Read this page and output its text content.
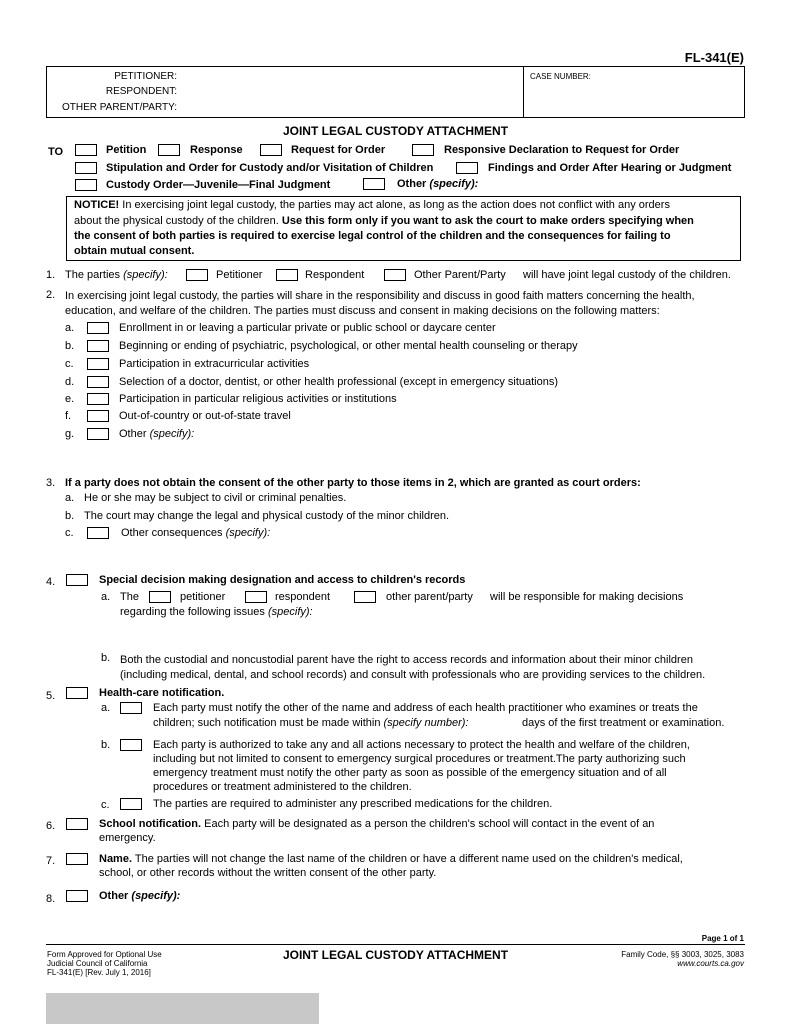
FL-341(E)
PETITIONER:
RESPONDENT:
OTHER PARENT/PARTY:
CASE NUMBER:
JOINT LEGAL CUSTODY ATTACHMENT
TO	Petition	Response	Request for Order	Responsive Declaration to Request for Order
Stipulation and Order for Custody and/or Visitation of Children	Findings and Order After Hearing or Judgment
Custody Order—Juvenile—Final Judgment	Other (specify):
NOTICE! In exercising joint legal custody, the parties may act alone, as long as the action does not conflict with any orders
about the physical custody of the children. Use this form only if you want to ask the court to make orders specifying when
the consent of both parties is required to exercise legal control of the children and the consequences for failing to
obtain mutual consent.
1. The parties (specify):	Petitioner	Respondent	Other Parent/Party will have joint legal custody of the children.
2. In exercising joint legal custody, the parties will share in the responsibility and discuss in good faith matters concerning the health,
education, and welfare of the children. The parties must discuss and consent in making decisions on the following matters:
a.	Enrollment in or leaving a particular private or public school or daycare center
b.	Beginning or ending of psychiatric, psychological, or other mental health counseling or therapy
c.	Participation in extracurricular activities
d.	Selection of a doctor, dentist, or other health professional (except in emergency situations)
e.	Participation in particular religious activities or institutions
f.	Out-of-country or out-of-state travel
g.	Other (specify):
3. If a party does not obtain the consent of the other party to those items in 2, which are granted as court orders:
a. He or she may be subject to civil or criminal penalties.
b. The court may change the legal and physical custody of the minor children.
c.	Other consequences (specify):
4.	Special decision making designation and access to children's records
a. The	petitioner	respondent	other parent/party will be responsible for making decisions
regarding the following issues (specify):
b. Both the custodial and noncustodial parent have the right to access records and information about their minor children
(including medical, dental, and school records) and consult with professionals who are providing services to the children.
5.	Health-care notification.
a.	Each party must notify the other of the name and address of each health practitioner who examines or treats the
children; such notification must be made within (specify number):	days of the first treatment or examination.
b.	Each party is authorized to take any and all actions necessary to protect the health and welfare of the children,
including but not limited to consent to emergency surgical procedures or treatment.The party authorizing such
emergency treatment must notify the other party as soon as possible of the emergency situation and of all
procedures or treatment administered to the children.
c.	The parties are required to administer any prescribed medications for the children.
6.	School notification. Each party will be designated as a person the children's school will contact in the event of an
emergency.
7.	Name. The parties will not change the last name of the children or have a different name used on the children's medical,
school, or other records without the written consent of the other party.
8.	Other (specify):
Page 1 of 1
Form Approved for Optional Use
Judicial Council of California
FL-341(E) [Rev. July 1, 2016]
JOINT LEGAL CUSTODY ATTACHMENT	Family Code, §§ 3003, 3025, 3083
www.courts.ca.gov
